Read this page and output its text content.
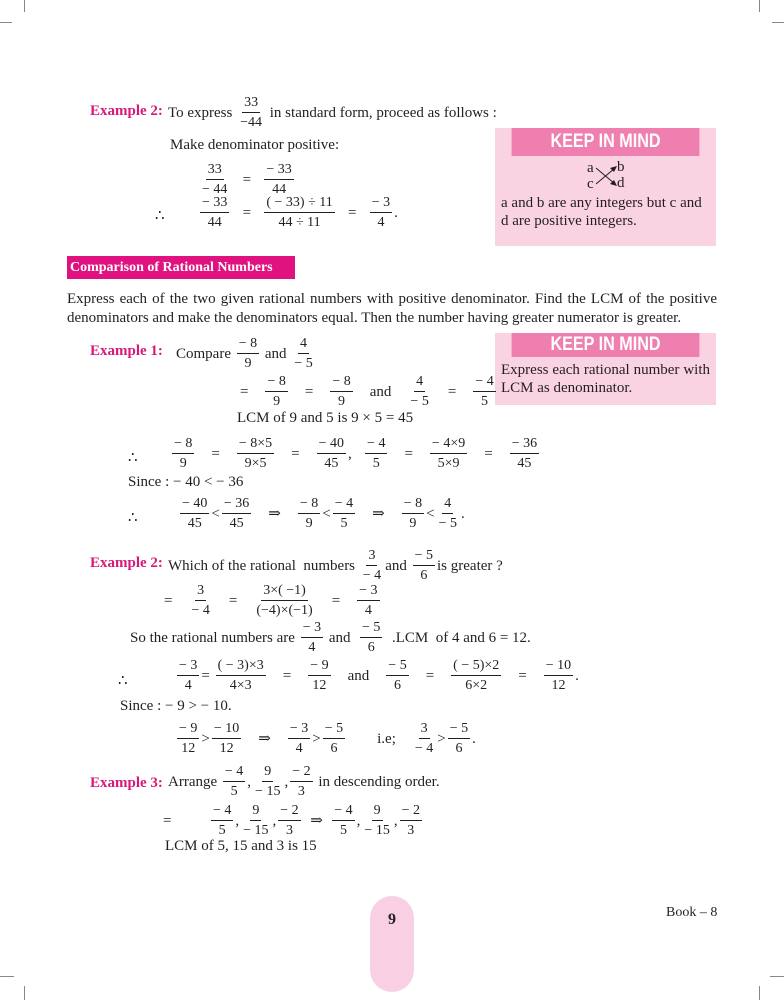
Example 2: To express $\frac{33}{-44}$ in standard form, proceed as follows :
Make denominator positive:
$\frac{33}{- 44} = \frac{- 33}{44}$
∴	$\frac{- 33}{44} = \frac{( - 33) \div 11}{44 \div 11} = \frac{- 3}{4}$ .
KEEP IN MIND
a b
c d
a and b are any integers but c and d are positive integers.
Comparison of Rational Numbers
Express each of the two given rational numbers with positive denominator. Find the LCM of the positive denominators and make the denominators equal. Then the number having greater numerator is greater.
KEEP IN MIND
Express each rational number with LCM as denominator.
Example 1: Compare $\frac{- 8}{9}$ and $\frac{4}{- 5}$
= $\frac{- 8}{9} = \frac{- 8}{9}$ and $\frac{4}{- 5} = \frac{- 4}{5}$
LCM of 9 and 5 is 9 × 5 = 45
∴ $\frac{- 8}{9} = \frac{- 8\times 5}{9\times 5} = \frac{- 40}{45}$ , $\frac{- 4}{5} = \frac{- 4\times 9}{5\times 9} = \frac{- 36}{45}$
Since : − 40 < − 36
∴	$\frac{- 40}{45} < \frac{- 36}{45}$ ⇒ $\frac{- 8}{9} < \frac{- 4}{5}$ ⇒ $\frac{- 8}{9} < \frac{4}{- 5}$ .
Example 2: Which of the rational  numbers $\frac{3}{- 4}$ and $\frac{- 5}{6}$ is greater ?
= $\frac{3}{- 4} = \frac{3\times( -1)}{(-4)\times(-1)} = \frac{- 3}{4}$
So the rational numbers are $\frac{- 3}{4}$ and $\frac{- 5}{6} .LCM$  of 4 and 6 = 12.
∴	$\frac{- 3}{4} = \frac{( - 3)\times 3}{4\times 3} = \frac{- 9}{12}$ and $\frac{- 5}{6} = \frac{( - 5)\times 2}{6\times 2} = \frac{- 10}{12}$ .
Since : − 9 > − 10.
$\frac{- 9}{12} > \frac{- 10}{12}$ ⇒ $\frac{- 3}{4} > \frac{- 5}{6} i.e$; $\frac{3}{- 4} > \frac{- 5}{6}$ .
Example 3: Arrange $\frac{- 4}{5}$ , $\frac{9}{- 15}$ , $\frac{- 2}{3}$ in descending order.
= $\frac{- 4}{5}$ , $\frac{9}{- 15}$ , $\frac{- 2}{3}$ ⇒ $\frac{- 4}{5}$ , $\frac{9}{- 15}$ , $\frac{- 2}{3}$
LCM of 5, 15 and 3 is 15
9	Book – 8
